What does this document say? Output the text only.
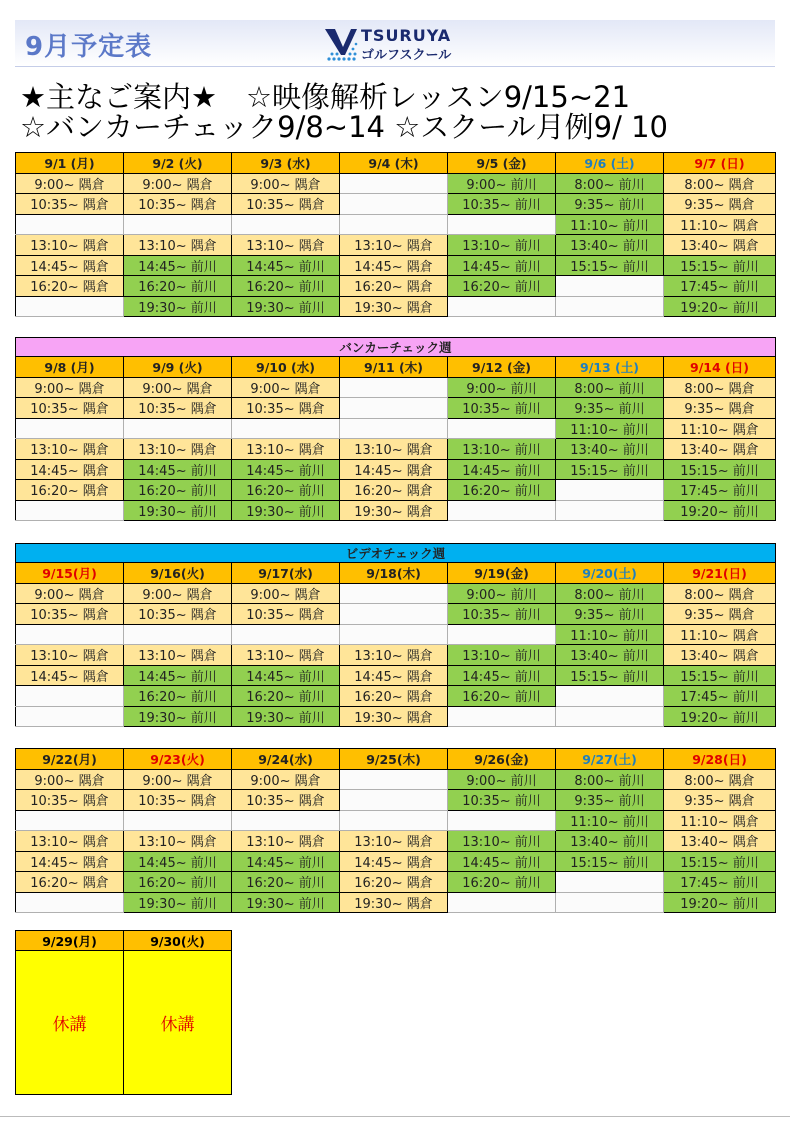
9月予定表	TSURUYA
ゴルフスクール
★主なご案内★　☆映像解析レッスン9/15~21
☆バンカーチェック9/8~14 ☆スクール月例9/ 10
9/1 (月)	9/2 (火)	9/3 (水)	9/4 (木)	9/5 (金)	9/6 (土)	9/7 (日)
9:00~ 隅倉	9:00~ 隅倉	9:00~ 隅倉		9:00~ 前川	8:00~ 前川	8:00~ 隅倉
10:35~ 隅倉	10:35~ 隅倉	10:35~ 隅倉		10:35~ 前川	9:35~ 前川	9:35~ 隅倉
					11:10~ 前川	11:10~ 隅倉
13:10~ 隅倉	13:10~ 隅倉	13:10~ 隅倉	13:10~ 隅倉	13:10~ 前川	13:40~ 前川	13:40~ 隅倉
14:45~ 隅倉	14:45~ 前川	14:45~ 前川	14:45~ 隅倉	14:45~ 前川	15:15~ 前川	15:15~ 前川
16:20~ 隅倉	16:20~ 前川	16:20~ 前川	16:20~ 隅倉	16:20~ 前川		17:45~ 前川
	19:30~ 前川	19:30~ 前川	19:30~ 隅倉			19:20~ 前川
バンカーチェック週						
9/8 (月)	9/9 (火)	9/10 (水)	9/11 (木)	9/12 (金)	9/13 (土)	9/14 (日)
9:00~ 隅倉	9:00~ 隅倉	9:00~ 隅倉		9:00~ 前川	8:00~ 前川	8:00~ 隅倉
10:35~ 隅倉	10:35~ 隅倉	10:35~ 隅倉		10:35~ 前川	9:35~ 前川	9:35~ 隅倉
					11:10~ 前川	11:10~ 隅倉
13:10~ 隅倉	13:10~ 隅倉	13:10~ 隅倉	13:10~ 隅倉	13:10~ 前川	13:40~ 前川	13:40~ 隅倉
14:45~ 隅倉	14:45~ 前川	14:45~ 前川	14:45~ 隅倉	14:45~ 前川	15:15~ 前川	15:15~ 前川
16:20~ 隅倉	16:20~ 前川	16:20~ 前川	16:20~ 隅倉	16:20~ 前川		17:45~ 前川
	19:30~ 前川	19:30~ 前川	19:30~ 隅倉			19:20~ 前川
ビデオチェック週						
9/15(月)	9/16(火)	9/17(水)	9/18(木)	9/19(金)	9/20(土)	9/21(日)
9:00~ 隅倉	9:00~ 隅倉	9:00~ 隅倉		9:00~ 前川	8:00~ 前川	8:00~ 隅倉
10:35~ 隅倉	10:35~ 隅倉	10:35~ 隅倉		10:35~ 前川	9:35~ 前川	9:35~ 隅倉
					11:10~ 前川	11:10~ 隅倉
13:10~ 隅倉	13:10~ 隅倉	13:10~ 隅倉	13:10~ 隅倉	13:10~ 前川	13:40~ 前川	13:40~ 隅倉
14:45~ 隅倉	14:45~ 前川	14:45~ 前川	14:45~ 隅倉	14:45~ 前川	15:15~ 前川	15:15~ 前川
	16:20~ 前川	16:20~ 前川	16:20~ 隅倉	16:20~ 前川		17:45~ 前川
	19:30~ 前川	19:30~ 前川	19:30~ 隅倉			19:20~ 前川
9/22(月)	9/23(火)	9/24(水)	9/25(木)	9/26(金)	9/27(土)	9/28(日)
9:00~ 隅倉	9:00~ 隅倉	9:00~ 隅倉		9:00~ 前川	8:00~ 前川	8:00~ 隅倉
10:35~ 隅倉	10:35~ 隅倉	10:35~ 隅倉		10:35~ 前川	9:35~ 前川	9:35~ 隅倉
					11:10~ 前川	11:10~ 隅倉
13:10~ 隅倉	13:10~ 隅倉	13:10~ 隅倉	13:10~ 隅倉	13:10~ 前川	13:40~ 前川	13:40~ 隅倉
14:45~ 隅倉	14:45~ 前川	14:45~ 前川	14:45~ 隅倉	14:45~ 前川	15:15~ 前川	15:15~ 前川
16:20~ 隅倉	16:20~ 前川	16:20~ 前川	16:20~ 隅倉	16:20~ 前川		17:45~ 前川
	19:30~ 前川	19:30~ 前川	19:30~ 隅倉			19:20~ 前川
9/29(月)	9/30(火)
休講	休講
